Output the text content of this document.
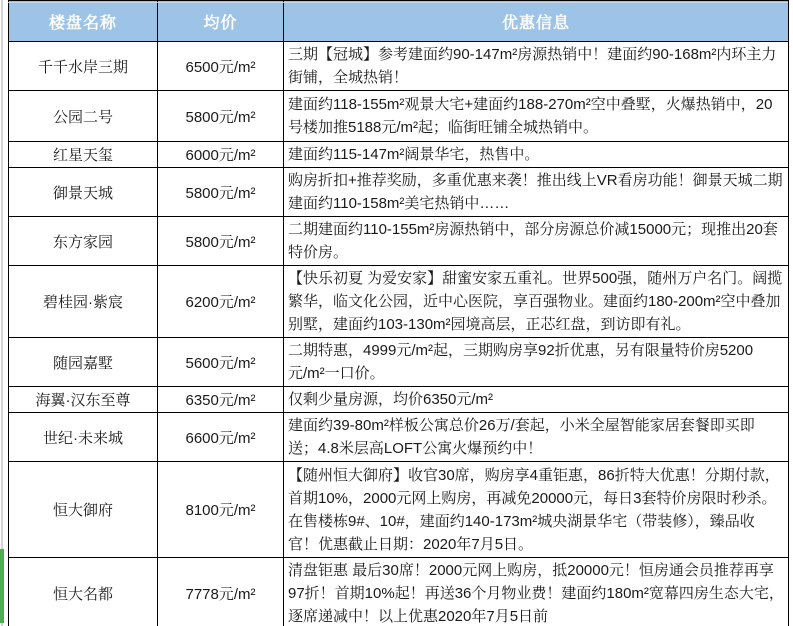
楼盘名称	均价	优惠信息
千千水岸三期	6500元/m²	三期【冠城】参考建面约90-147m²房源热销中！建面约90-168m²内环主力街铺，全城热销！
公园二号	5800元/m²	建面约118-155m²观景大宅+建面约188-270m²空中叠墅，火爆热销中，20号楼加推5188元/m²起；临街旺铺全城热销中。
红星天玺	6000元/m²	建面约115-147m²阔景华宅，热售中。
御景天城	5800元/m²	购房折扣+推荐奖励，多重优惠来袭！推出线上VR看房功能！御景天城二期建面约110-158m²美宅热销中……
东方家园	5800元/m²	二期建面约110-155m²房源热销中，部分房源总价减15000元；现推出20套特价房。
碧桂园·紫宸	6200元/m²	【快乐初夏 为爱安家】甜蜜安家五重礼。世界500强，随州万户名门。阔揽繁华，临文化公园，近中心医院，享百强物业。建面约180-200m²空中叠加别墅，建面约103-130m²园境高层，正芯红盘，到访即有礼。
随园嘉墅	5600元/m²	二期特惠，4999元/m²起，三期购房享92折优惠，另有限量特价房5200元/m²一口价。
海翼·汉东至尊	6350元/m²	仅剩少量房源，均价6350元/m²
世纪·未来城	6600元/m²	建面约39-80m²样板公寓总价26万/套起，小米全屋智能家居套餐即买即送；4.8米层高LOFT公寓火爆预约中！
恒大御府	8100元/m²	【随州恒大御府】收官30席，购房享4重钜惠，86折特大优惠！分期付款，首期10%，2000元网上购房，再减免20000元，每日3套特价房限时秒杀。在售楼栋9#、10#，建面约140-173m²城央湖景华宅（带装修），臻品收官！优惠截止日期：2020年7月5日。
恒大名都	7778元/m²	清盘钜惠 最后30席！2000元网上购房，抵20000元！恒房通会员推荐再享97折！首期10%起！再送36个月物业费！建面约180m²宽幕四房生态大宅，逐席递减中！以上优惠2020年7月5日前
